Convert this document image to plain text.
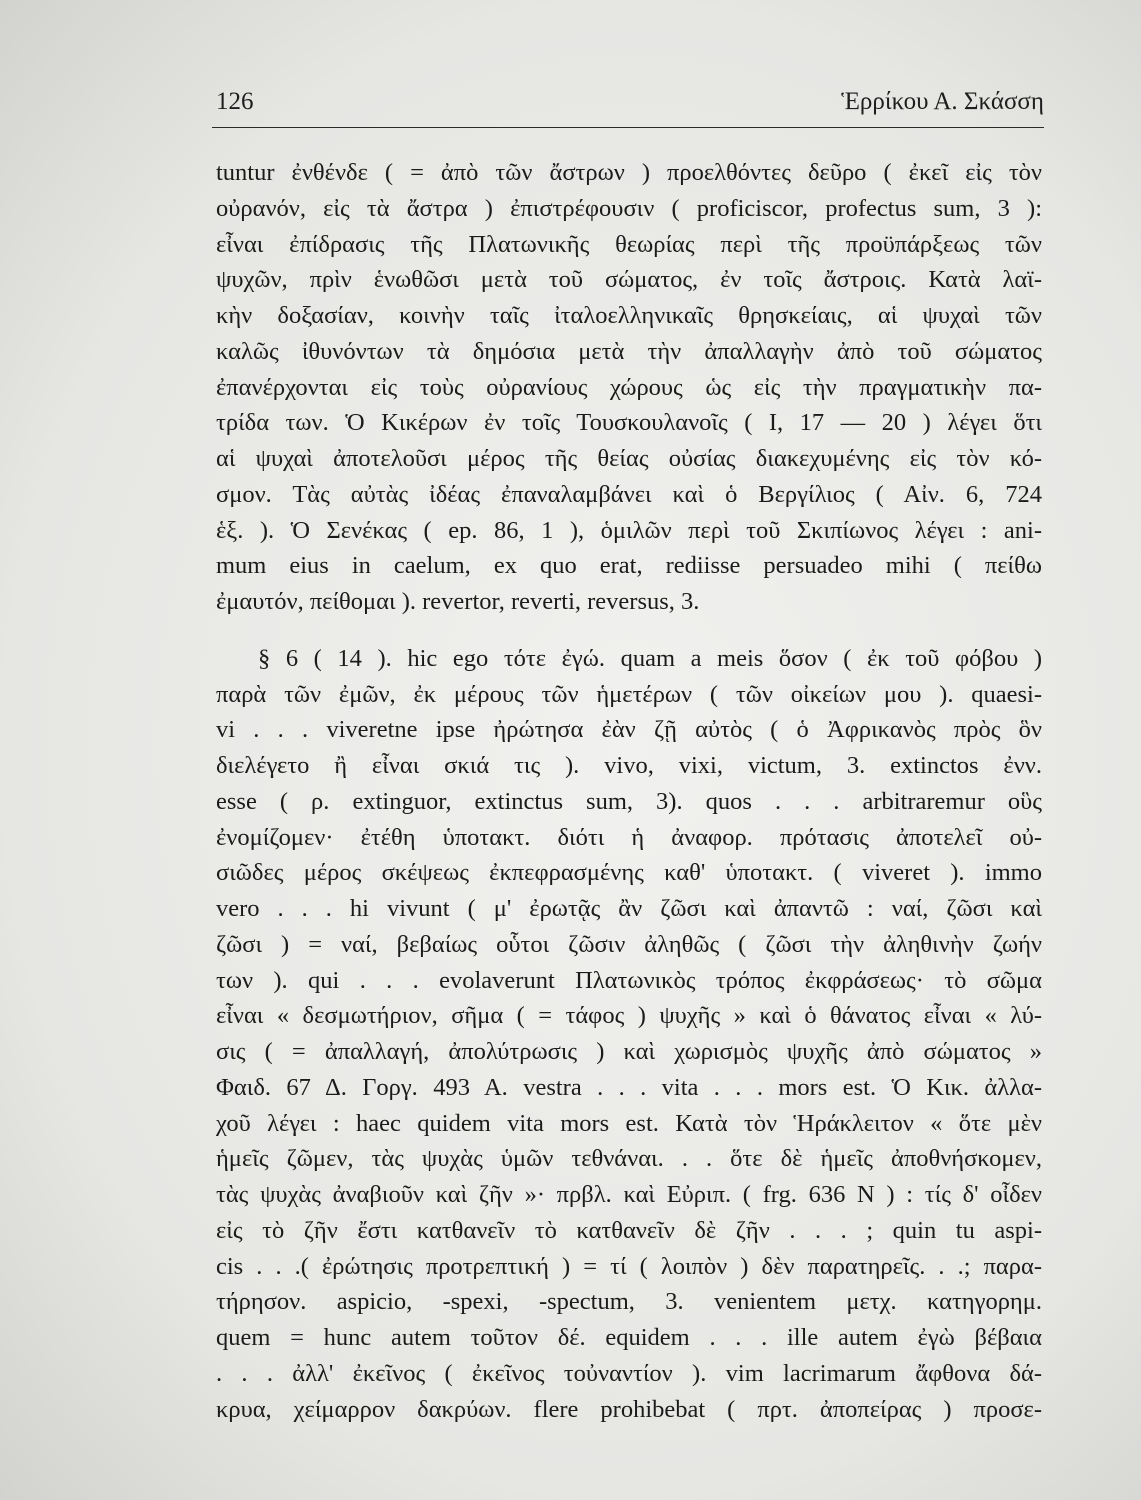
126	Ἑρρίκου Α. Σκάσση
tuntur ἐνθένδε ( = ἀπὸ τῶν ἄστρων ) προελθόντες δεῦρο ( ἐκεῖ εἰς τὸν
οὐρανόν, εἰς τὰ ἄστρα ) ἐπιστρέφουσιν ( proficiscor, profectus sum, 3 ):
εἶναι ἐπίδρασις τῆς Πλατωνικῆς θεωρίας περὶ τῆς προϋπάρξεως τῶν
ψυχῶν, πρὶν ἑνωθῶσι μετὰ τοῦ σώματος, ἐν τοῖς ἄστροις. Κατὰ λαϊ-
κὴν δοξασίαν, κοινὴν ταῖς ἰταλοελληνικαῖς θρησκείαις, αἱ ψυχαὶ τῶν
καλῶς ἰθυνόντων τὰ δημόσια μετὰ τὴν ἀπαλλαγὴν ἀπὸ τοῦ σώματος
ἐπανέρχονται εἰς τοὺς οὐρανίους χώρους ὡς εἰς τὴν πραγματικὴν πα-
τρίδα των. Ὁ Κικέρων ἐν τοῖς Τουσκουλανοῖς ( I, 17 — 20 ) λέγει ὅτι
αἱ ψυχαὶ ἀποτελοῦσι μέρος τῆς θείας οὐσίας διακεχυμένης εἰς τὸν κό-
σμον. Τὰς αὐτὰς ἰδέας ἐπαναλαμβάνει καὶ ὁ Βεργίλιος ( Αἰν. 6, 724
ἑξ. ). Ὁ Σενέκας ( ep. 86, 1 ), ὁμιλῶν περὶ τοῦ Σκιπίωνος λέγει : ani-
mum eius in caelum, ex quo erat, rediisse persuadeo mihi ( πείθω
ἐμαυτόν, πείθομαι ). revertor, reverti, reversus, 3.
§ 6 ( 14 ). hic ego τότε ἐγώ. quam a meis ὅσον ( ἐκ τοῦ φόβου )
παρὰ τῶν ἐμῶν, ἐκ μέρους τῶν ἡμετέρων ( τῶν οἰκείων μου ). quaesi-
vi . . . viveretne ipse ἠρώτησα ἐὰν ζῇ αὐτὸς ( ὁ Ἀφρικανὸς πρὸς ὃν
διελέγετο ἢ εἶναι σκιά τις ). vivo, vixi, victum, 3. extinctos ἐνν.
esse ( ρ. extinguor, extinctus sum, 3). quos . . . arbitraremur οὓς
ἐνομίζομεν· ἐτέθη ὑποτακτ. διότι ἡ ἀναφορ. πρότασις ἀποτελεῖ οὐ-
σιῶδες μέρος σκέψεως ἐκπεφρασμένης καθ' ὑποτακτ. ( viveret ). immo
vero . . . hi vivunt ( μ' ἐρωτᾷς ἂν ζῶσι καὶ ἀπαντῶ : ναί, ζῶσι καὶ
ζῶσι ) = ναί, βεβαίως οὗτοι ζῶσιν ἀληθῶς ( ζῶσι τὴν ἀληθινὴν ζωήν
των ). qui . . . evolaverunt Πλατωνικὸς τρόπος ἐκφράσεως· τὸ σῶμα
εἶναι « δεσμωτήριον, σῆμα ( = τάφος ) ψυχῆς » καὶ ὁ θάνατος εἶναι « λύ-
σις ( = ἀπαλλαγή, ἀπολύτρωσις ) καὶ χωρισμὸς ψυχῆς ἀπὸ σώματος »
Φαιδ. 67 Δ. Γοργ. 493 Α. vestra . . . vita . . . mors est. Ὁ Κικ. ἀλλα-
χοῦ λέγει : haec quidem vita mors est. Κατὰ τὸν Ἡράκλειτον « ὅτε μὲν
ἡμεῖς ζῶμεν, τὰς ψυχὰς ὑμῶν τεθνάναι. . . ὅτε δὲ ἡμεῖς ἀποθνήσκομεν,
τὰς ψυχὰς ἀναβιοῦν καὶ ζῆν »· πρβλ. καὶ Εὐριπ. ( frg. 636 N ) : τίς δ' οἶδεν
εἰς τὸ ζῆν ἔστι κατθανεῖν τὸ κατθανεῖν δὲ ζῆν . . . ; quin tu aspi-
cis . . .( ἐρώτησις προτρεπτική ) = τί ( λοιπὸν ) δὲν παρατηρεῖς. . .; παρα-
τήρησον. aspicio, -spexi, -spectum, 3. venientem μετχ. κατηγορημ.
quem = hunc autem τοῦτον δέ. equidem . . . ille autem ἐγὼ βέβαια
. . . ἀλλ' ἐκεῖνος ( ἐκεῖνος τοὐναντίον ). vim lacrimarum ἄφθονα δά-
κρυα, χείμαρρον δακρύων. flere prohibebat ( πρτ. ἀποπείρας ) προσε-
